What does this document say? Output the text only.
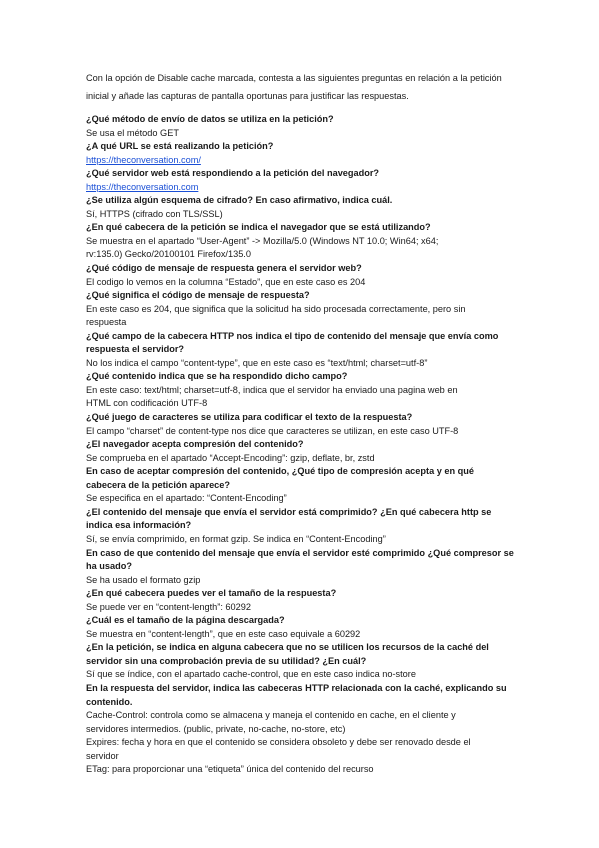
Con la opción de Disable cache marcada, contesta a las siguientes preguntas en relación a la petición inicial y añade las capturas de pantalla oportunas para justificar las respuestas.

¿Qué método de envío de datos se utiliza en la petición?

Se usa el método GET

¿A qué URL se está realizando la petición?

https://theconversation.com/

¿Qué servidor web está respondiendo a la petición del navegador?

https://theconversation.com

¿Se utiliza algún esquema de cifrado? En caso afirmativo, indica cuál.

Sí, HTTPS (cifrado con TLS/SSL)

¿En qué cabecera de la petición se indica el navegador que se está utilizando?

Se muestra en el apartado “User-Agent” -> Mozilla/5.0 (Windows NT 10.0; Win64; x64;

rv:135.0) Gecko/20100101 Firefox/135.0

¿Qué código de mensaje de respuesta genera el servidor web?

El codigo lo vemos en la columna “Estado”, que en este caso es 204

¿Qué significa el código de mensaje de respuesta?

En este caso es 204, que significa que la solicitud ha sido procesada correctamente, pero sin

respuesta

¿Qué campo de la cabecera HTTP nos indica el tipo de contenido del mensaje que envía como respuesta el servidor?

No los indica el campo “content-type”, que en este caso es “text/html; charset=utf-8”

¿Qué contenido indica que se ha respondido dicho campo?

En este caso: text/html; charset=utf-8, indica que el servidor ha enviado una pagina web en

HTML con codificación UTF-8

¿Qué juego de caracteres se utiliza para codificar el texto de la respuesta?

El campo “charset” de content-type nos dice que caracteres se utilizan, en este caso UTF-8

¿El navegador acepta compresión del contenido?

Se comprueba en el apartado “Accept-Encoding”: gzip, deflate, br, zstd

En caso de aceptar compresión del contenido, ¿Qué tipo de compresión acepta y en qué cabecera de la petición aparece?

Se especifica en el apartado: “Content-Encoding”

¿El contenido del mensaje que envía el servidor está comprimido? ¿En qué cabecera http se indica esa información?

Sí, se envía comprimido, en format gzip. Se indica en “Content-Encoding”

En caso de que contenido del mensaje que envía el servidor esté comprimido ¿Qué compresor se ha usado?

Se ha usado el formato gzip

¿En qué cabecera puedes ver el tamaño de la respuesta?

Se puede ver en “content-length”: 60292

¿Cuál es el tamaño de la página descargada?

Se muestra en “content-length”, que en este caso equivale a 60292

¿En la petición, se indica en alguna cabecera que no se utilicen los recursos de la caché del servidor sin una comprobación previa de su utilidad? ¿En cuál?

Sí que se índice, con el apartado cache-control, que en este caso indica no-store

En la respuesta del servidor, indica las cabeceras HTTP relacionada con la caché, explicando su contenido.

Cache-Control: controla como se almacena y maneja el contenido en cache, en el cliente y

servidores intermedios. (public, private, no-cache, no-store, etc)

Expires: fecha y hora en que el contenido se considera obsoleto y debe ser renovado desde el

servidor

ETag: para proporcionar una “etiqueta” única del contenido del recurso
